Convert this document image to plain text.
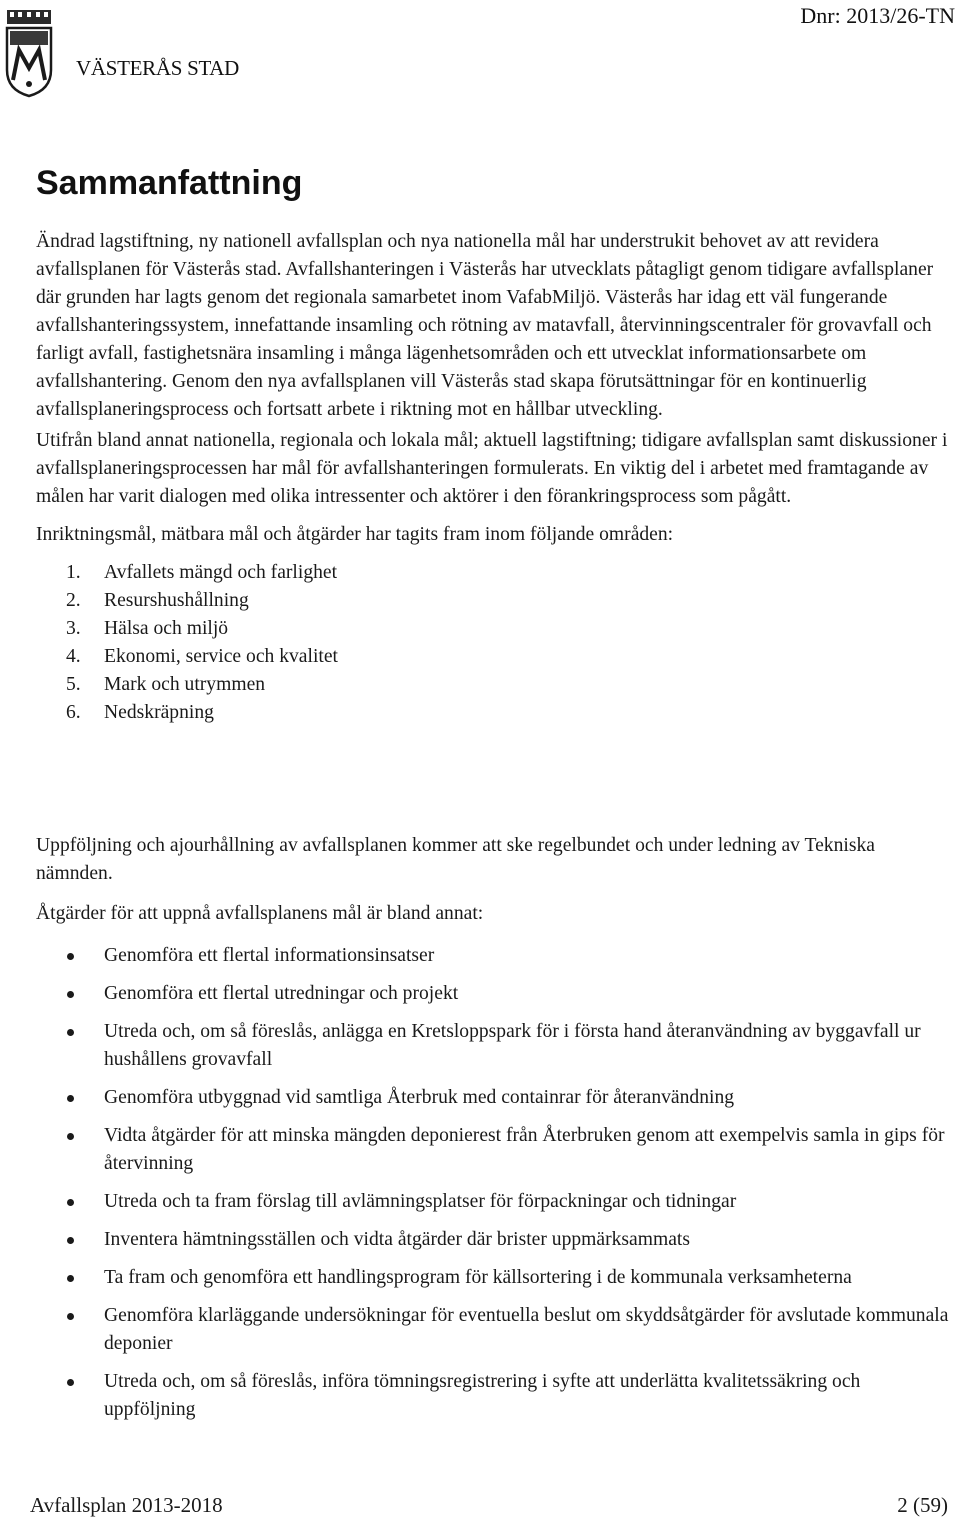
VÄSTERÅS STAD
Dnr: 2013/26-TN
Sammanfattning

Ändrad lagstiftning, ny nationell avfallsplan och nya nationella mål har understrukit behovet av att revidera avfallsplanen för Västerås stad. Avfallshanteringen i Västerås har utvecklats påtagligt genom tidigare avfallsplaner där grunden har lagts genom det regionala samarbetet inom VafabMiljö. Västerås har idag ett väl fungerande avfallshanteringssystem, innefattande insamling och rötning av matavfall, återvinningscentraler för grovavfall och farligt avfall, fastighetsnära insamling i många lägenhetsområden och ett utvecklat informationsarbete om avfallshantering. Genom den nya avfallsplanen vill Västerås stad skapa förutsättningar för en kontinuerlig avfallsplaneringsprocess och fortsatt arbete i riktning mot en hållbar utveckling.

Utifrån bland annat nationella, regionala och lokala mål; aktuell lagstiftning; tidigare avfallsplan samt diskussioner i avfallsplaneringsprocessen har mål för avfallshanteringen formulerats. En viktig del i arbetet med framtagande av målen har varit dialogen med olika intressenter och aktörer i den förankringsprocess som pågått.

Inriktningsmål, mätbara mål och åtgärder har tagits fram inom följande områden:

1. Avfallets mängd och farlighet
2. Resurshushållning
3. Hälsa och miljö
4. Ekonomi, service och kvalitet
5. Mark och utrymmen
6. Nedskräpning

Uppföljning och ajourhållning av avfallsplanen kommer att ske regelbundet och under ledning av Tekniska nämnden.

Åtgärder för att uppnå avfallsplanens mål är bland annat:

Genomföra ett flertal informationsinsatser
Genomföra ett flertal utredningar och projekt
Utreda och, om så föreslås, anlägga en Kretsloppspark för i första hand återanvändning av byggavfall ur hushållens grovavfall
Genomföra utbyggnad vid samtliga Återbruk med containrar för återanvändning
Vidta åtgärder för att minska mängden deponierest från Återbruken genom att exempelvis samla in gips för återvinning
Utreda och ta fram förslag till avlämningsplatser för förpackningar och tidningar
Inventera hämtningsställen och vidta åtgärder där brister uppmärksammats
Ta fram och genomföra ett handlingsprogram för källsortering i de kommunala verksamheterna
Genomföra klarläggande undersökningar för eventuella beslut om skyddsåtgärder för avslutade kommunala deponier
Utreda och, om så föreslås, införa tömningsregistrering i syfte att underlätta kvalitetssäkring och uppföljning
Avfallsplan 2013-2018	2 (59)
